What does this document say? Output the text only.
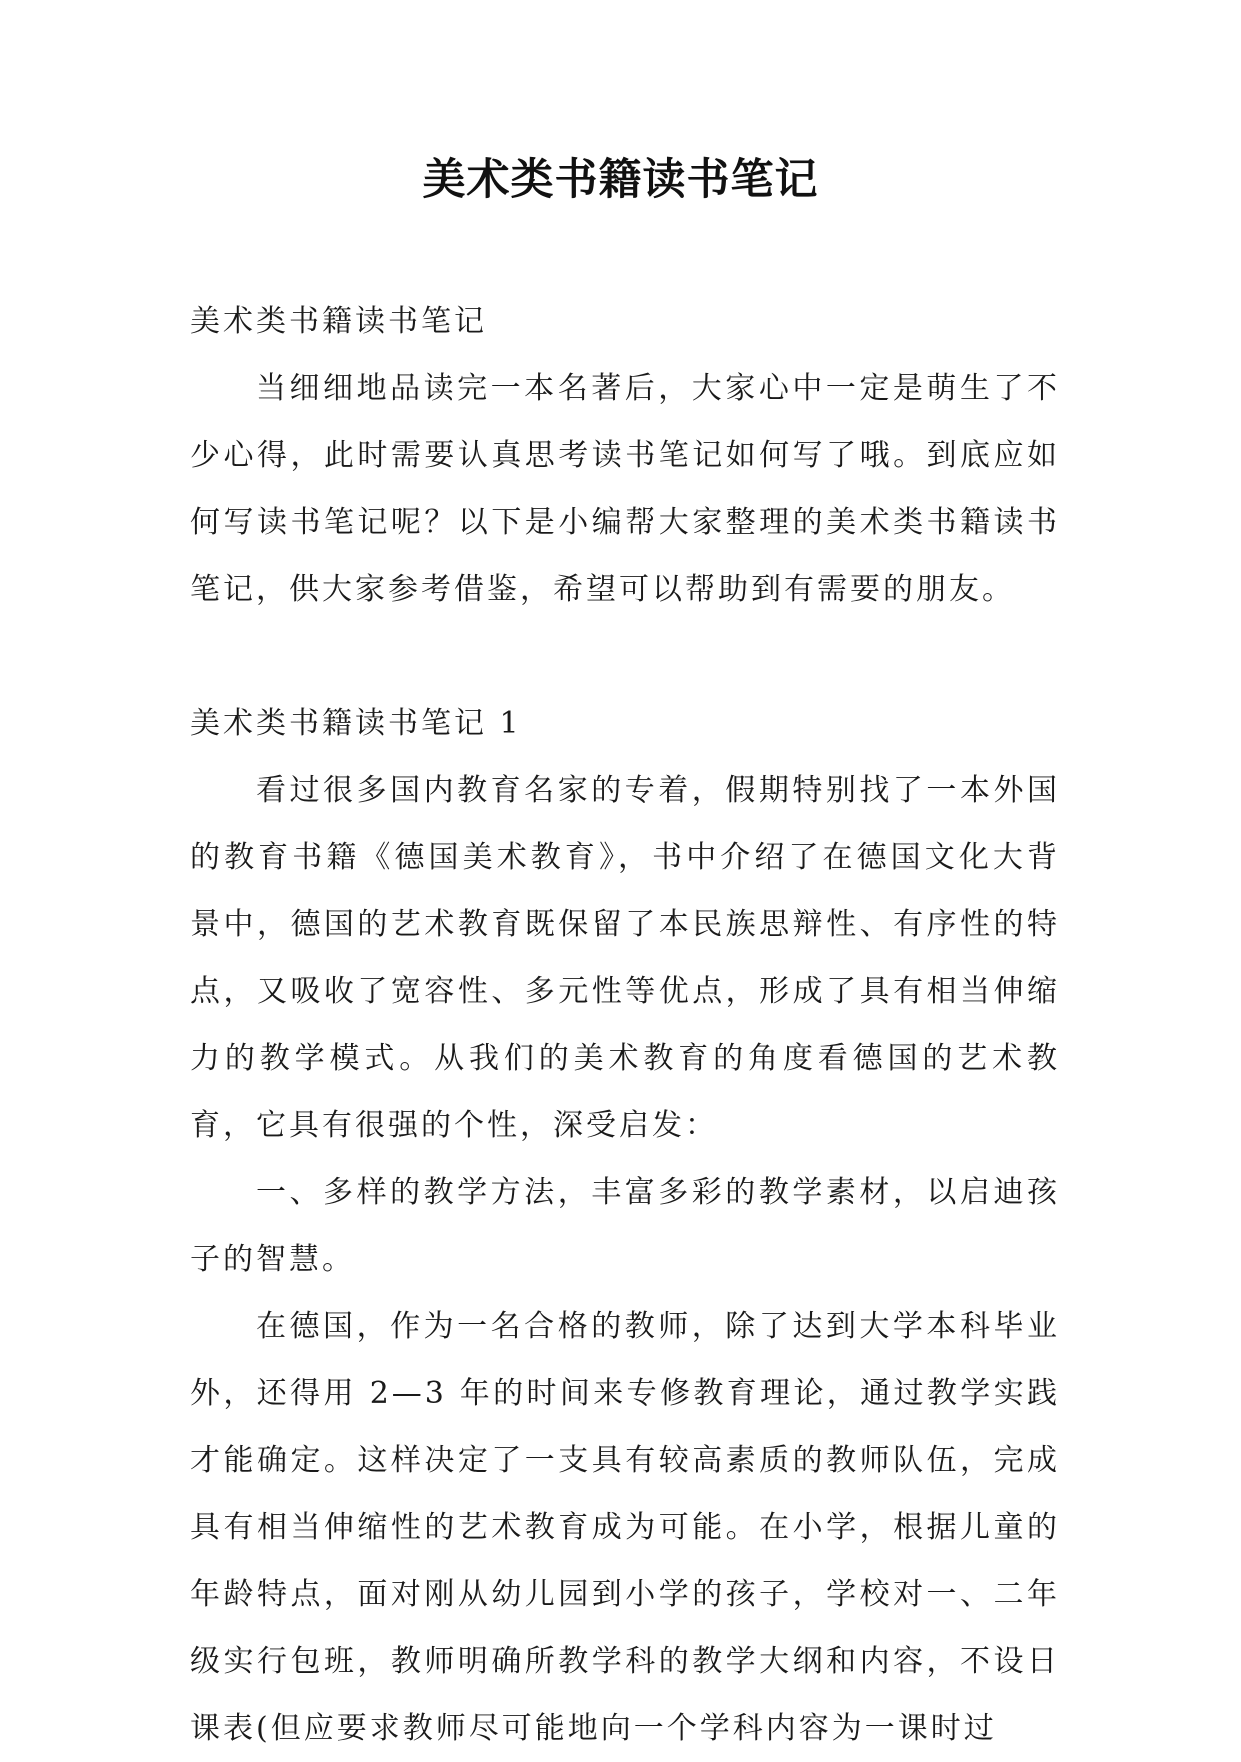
美术类书籍读书笔记

美术类书籍读书笔记

当细细地品读完一本名著后，大家心中一定是萌生了不少心得，此时需要认真思考读书笔记如何写了哦。到底应如何写读书笔记呢？以下是小编帮大家整理的美术类书籍读书笔记，供大家参考借鉴，希望可以帮助到有需要的朋友。

美术类书籍读书笔记 1

看过很多国内教育名家的专着，假期特别找了一本外国的教育书籍《德国美术教育》，书中介绍了在德国文化大背景中，德国的艺术教育既保留了本民族思辩性、有序性的特点，又吸收了宽容性、多元性等优点，形成了具有相当伸缩力的教学模式。从我们的美术教育的角度看德国的艺术教育，它具有很强的个性，深受启发：

一、多样的教学方法，丰富多彩的教学素材，以启迪孩子的智慧。

在德国，作为一名合格的教师，除了达到大学本科毕业外，还得用 2—3 年的时间来专修教育理论，通过教学实践才能确定。这样决定了一支具有较高素质的教师队伍，完成具有相当伸缩性的艺术教育成为可能。在小学，根据儿童的年龄特点，面对刚从幼儿园到小学的孩子，学校对一、二年级实行包班，教师明确所教学科的教学大纲和内容，不设日课表(但应要求教师尽可能地向一个学科内容为一课时过
